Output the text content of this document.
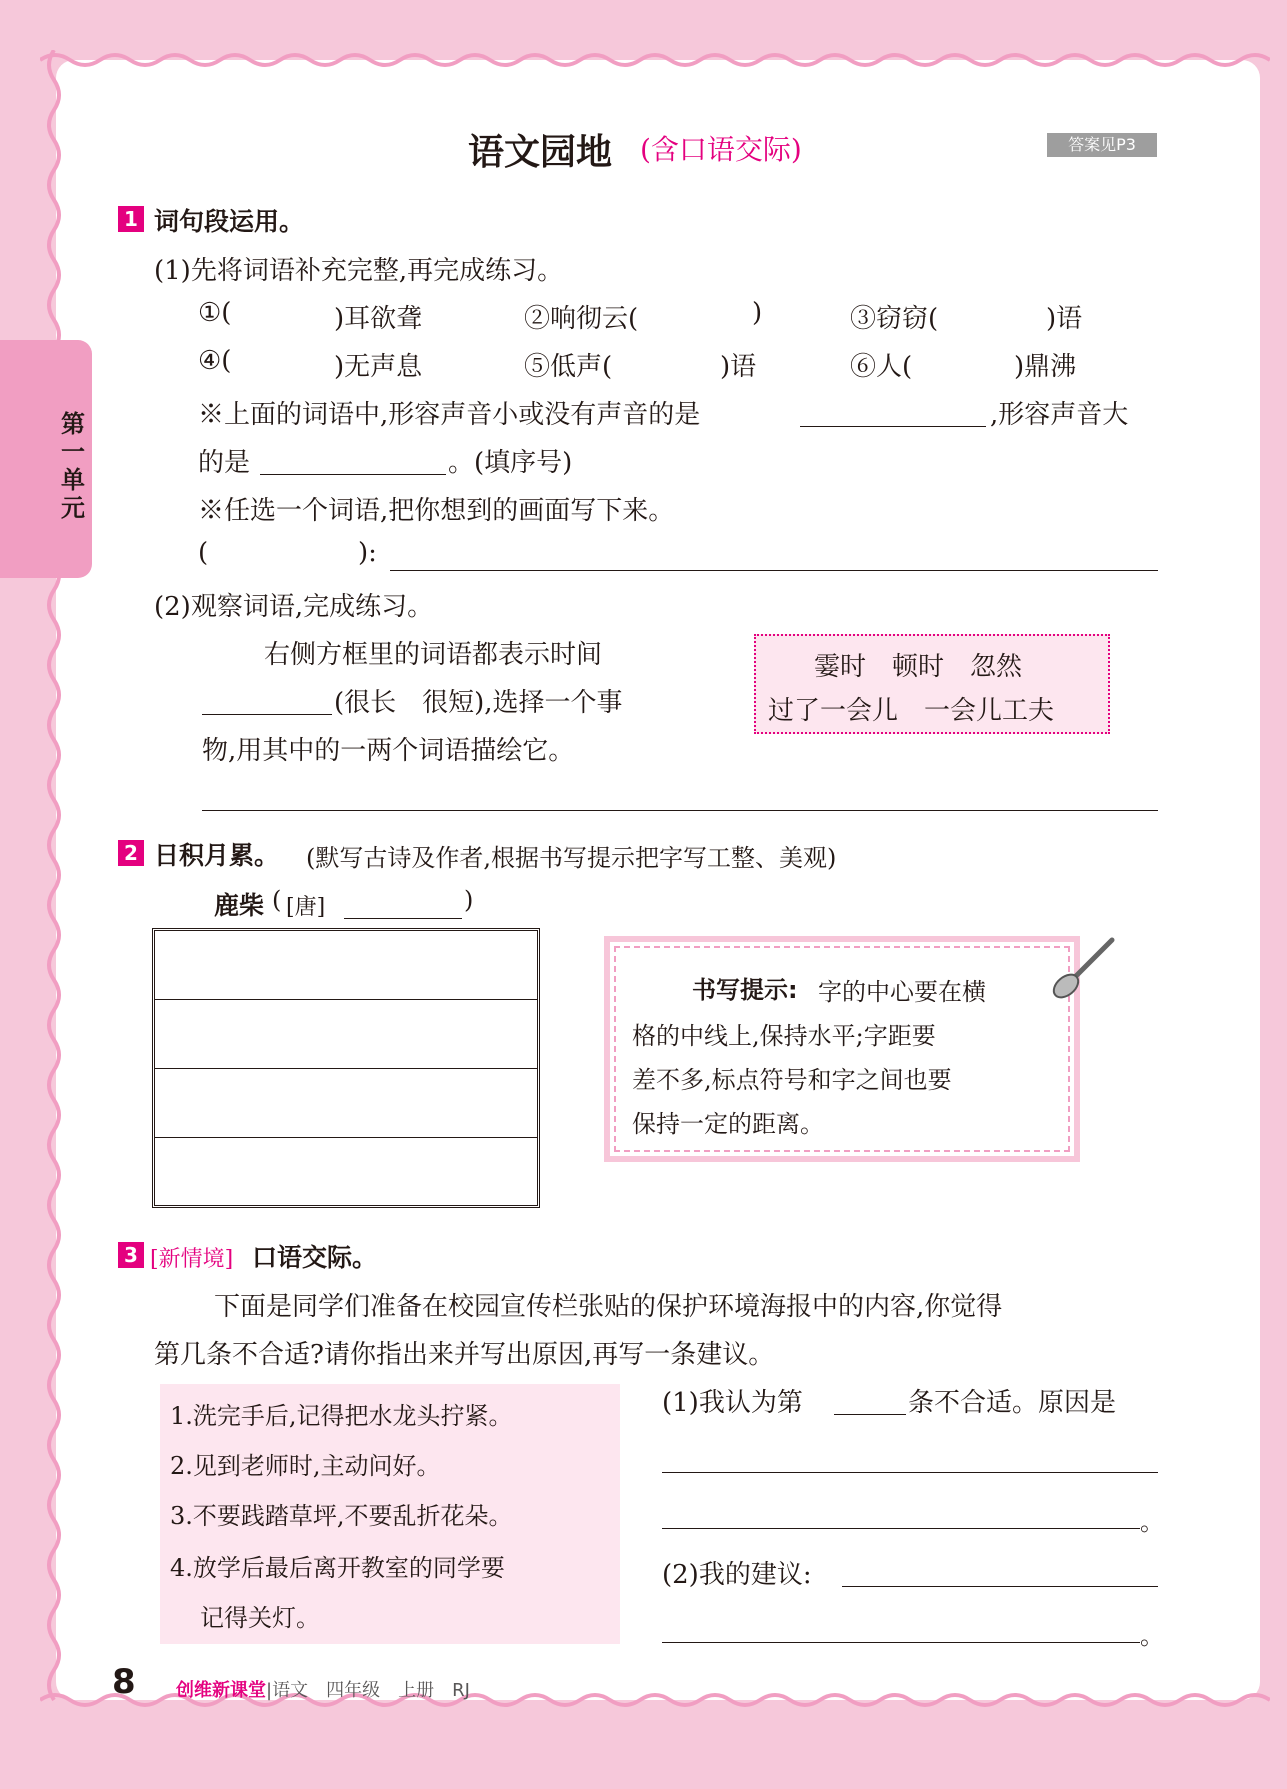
第一单元
语文园地 (含口语交际)	答案见P3
1 词句段运用。
(1)先将词语补充完整,再完成练习。
①(	)耳欲聋	②响彻云(	)	③窃窃(	)语
④(	)无声息	⑤低声(	)语	⑥人(	)鼎沸
※上面的词语中,形容声音小或没有声音的是	,形容声音大
的是	。(填序号)
※任选一个词语,把你想到的画面写下来。
(	):
(2)观察词语,完成练习。
右侧方框里的词语都表示时间
(很长　很短),选择一个事
物,用其中的一两个词语描绘它。
霎时　顿时　忽然
过了一会儿　一会儿工夫
2 日积月累。 (默写古诗及作者,根据书写提示把字写工整、美观)
鹿柴 ( [唐]	)
书写提示: 字的中心要在横
格的中线上,保持水平;字距要
差不多,标点符号和字之间也要
保持一定的距离。
3 [新情境] 口语交际。
下面是同学们准备在校园宣传栏张贴的保护环境海报中的内容,你觉得
第几条不合适?请你指出来并写出原因,再写一条建议。
1.洗完手后,记得把水龙头拧紧。
2.见到老师时,主动问好。
3.不要践踏草坪,不要乱折花朵。
4.放学后最后离开教室的同学要
记得关灯。
(1)我认为第	条不合适。原因是
。
(2)我的建议:
。
8 创维新课堂|语文　四年级　上册　RJ
